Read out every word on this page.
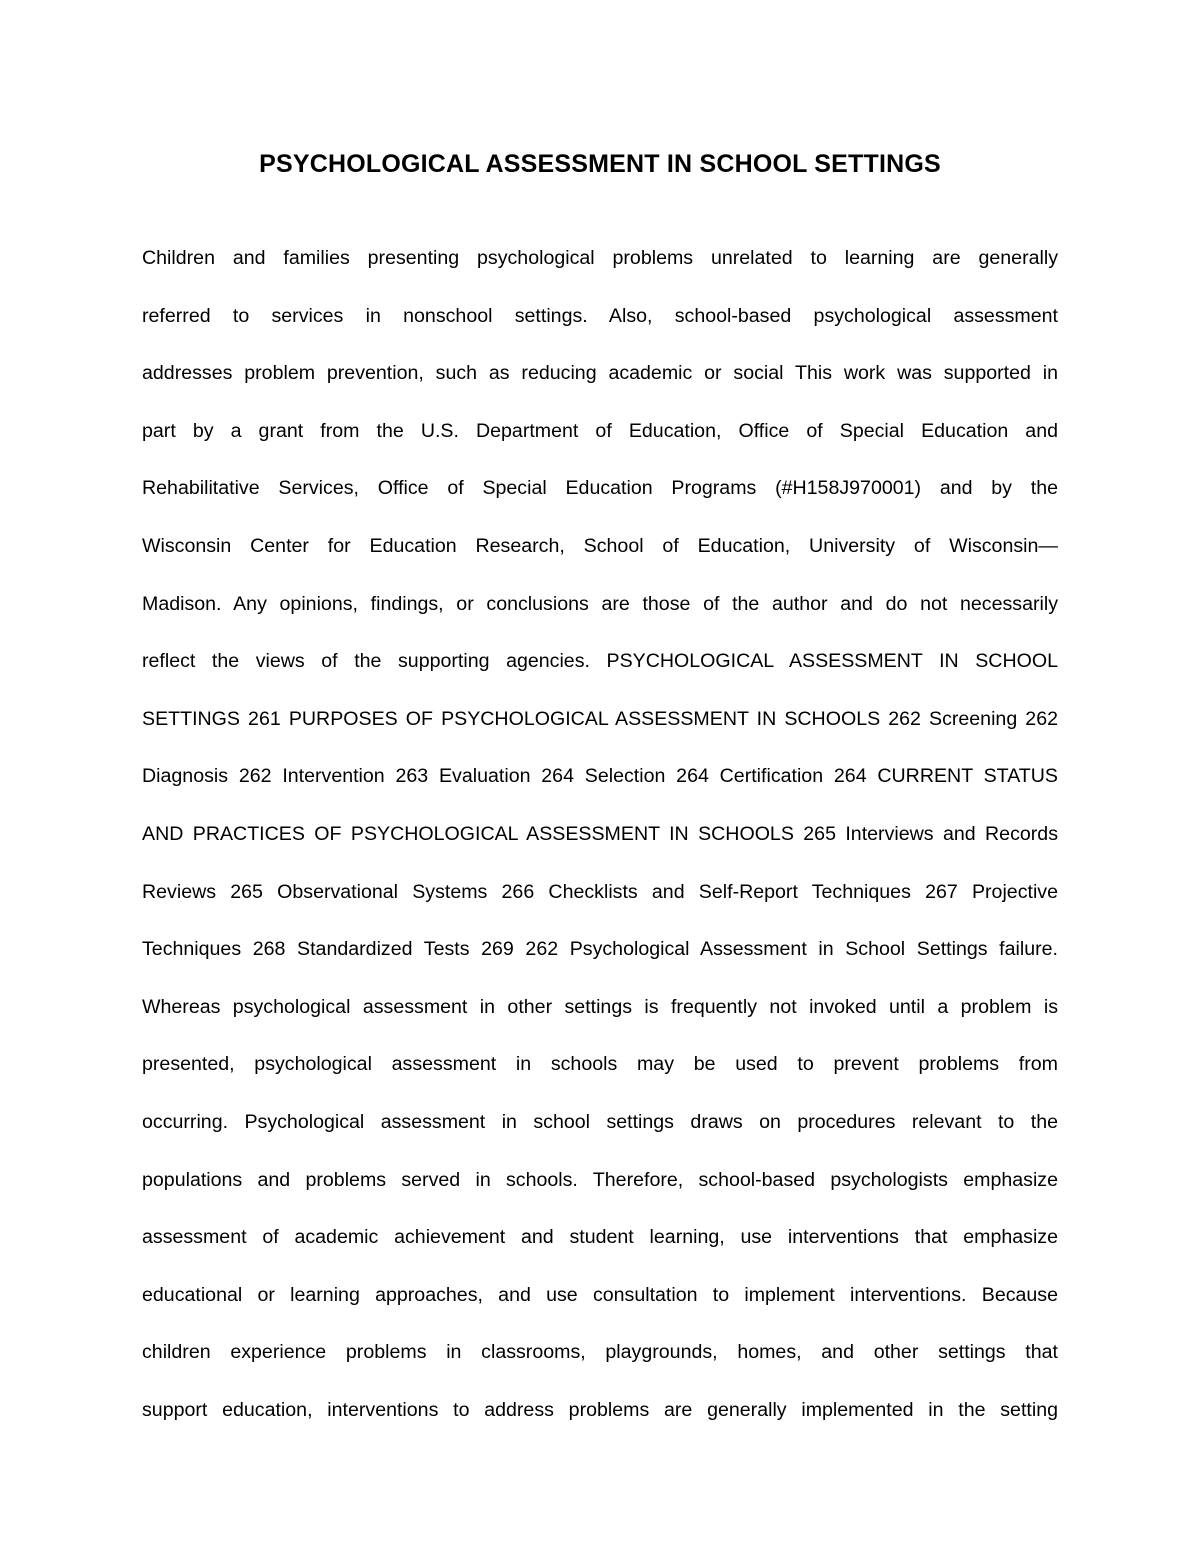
PSYCHOLOGICAL ASSESSMENT IN SCHOOL SETTINGS
Children and families presenting psychological problems unrelated to learning are generally
referred to services in nonschool settings. Also, school-based psychological assessment
addresses problem prevention, such as reducing academic or social This work was supported in
part by a grant from the U.S. Department of Education, Office of Special Education and
Rehabilitative Services, Office of Special Education Programs (#H158J970001) and by the
Wisconsin Center for Education Research, School of Education, University of Wisconsin—
Madison. Any opinions, findings, or conclusions are those of the author and do not necessarily
reflect the views of the supporting agencies. PSYCHOLOGICAL ASSESSMENT IN SCHOOL
SETTINGS 261 PURPOSES OF PSYCHOLOGICAL ASSESSMENT IN SCHOOLS 262 Screening 262
Diagnosis 262 Intervention 263 Evaluation 264 Selection 264 Certification 264 CURRENT STATUS
AND PRACTICES OF PSYCHOLOGICAL ASSESSMENT IN SCHOOLS 265 Interviews and Records
Reviews 265 Observational Systems 266 Checklists and Self-Report Techniques 267 Projective
Techniques 268 Standardized Tests 269 262 Psychological Assessment in School Settings failure.
Whereas psychological assessment in other settings is frequently not invoked until a problem is
presented, psychological assessment in schools may be used to prevent problems from
occurring. Psychological assessment in school settings draws on procedures relevant to the
populations and problems served in schools. Therefore, school-based psychologists emphasize
assessment of academic achievement and student learning, use interventions that emphasize
educational or learning approaches, and use consultation to implement interventions. Because
children experience problems in classrooms, playgrounds, homes, and other settings that
support education, interventions to address problems are generally implemented in the setting
